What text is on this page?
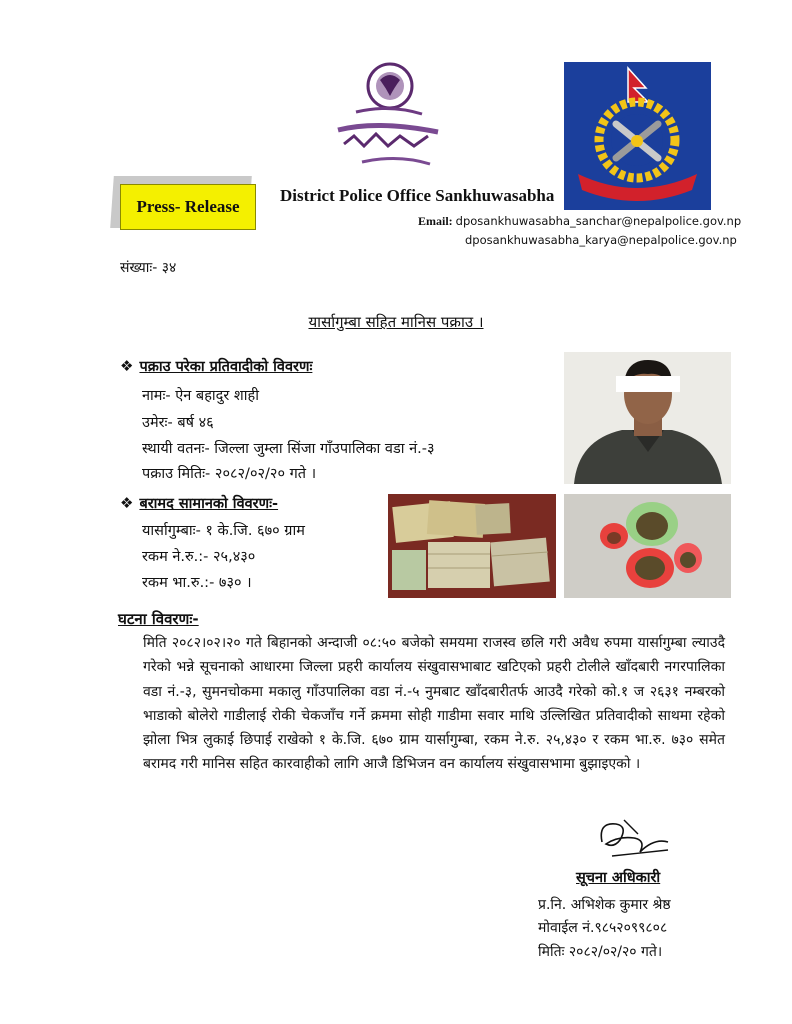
Press- Release
District Police Office Sankhuwasabha
Email: dposankhuwasabha_sanchar@nepalpolice.gov.np
dposankhuwasabha_karya@nepalpolice.gov.np
संख्याः- ३४
यार्सागुम्बा सहित मानिस पक्राउ ।
❖ पक्राउ परेका प्रतिवादीको विवरणः
नामः- ऐन बहादुर शाही
उमेरः- बर्ष ४६
स्थायी वतनः- जिल्ला जुम्ला सिंजा गाँउपालिका वडा नं.-३
पक्राउ मितिः- २०८२/०२/२० गते ।
❖ बरामद सामानको विवरणः-
यार्सागुम्बाः- १ के.जि. ६७० ग्राम
रकम ने.रु.:- २५,४३०
रकम भा.रु.:- ७३० ।
घटना विवरणः-
मिति २०८२।०२।२० गते बिहानको अन्दाजी ०८:५० बजेको समयमा राजस्व छलि गरी अवैध रुपमा यार्सागुम्बा ल्याउदै गरेको भन्ने सूचनाको आधारमा जिल्ला प्रहरी कार्यालय संखुवासभाबाट खटिएको प्रहरी टोलीले खाँदबारी नगरपालिका वडा नं.-३, सुमनचोकमा मकालु गाँउपालिका वडा नं.-५ नुमबाट खाँदबारीतर्फ आउदै गरेको को.१ ज २६३१ नम्बरको भाडाको बोलेरो गाडीलाई रोकी चेकजाँच गर्ने क्रममा सोही गाडीमा सवार माथि उल्लिखित प्रतिवादीको साथमा रहेको झोला भित्र लुकाई छिपाई राखेको १ के.जि. ६७० ग्राम यार्सागुम्बा, रकम ने.रु. २५,४३० र रकम भा.रु. ७३० समेत बरामद गरी मानिस सहित कारवाहीको लागि आजै डिभिजन वन कार्यालय संखुवासभामा बुझाइएको ।
सूचना अधिकारी
प्र.नि. अभिशेक कुमार श्रेष्ठ
मोवाईल नं.९८५२०९९८०८
मितिः २०८२/०२/२० गते।
